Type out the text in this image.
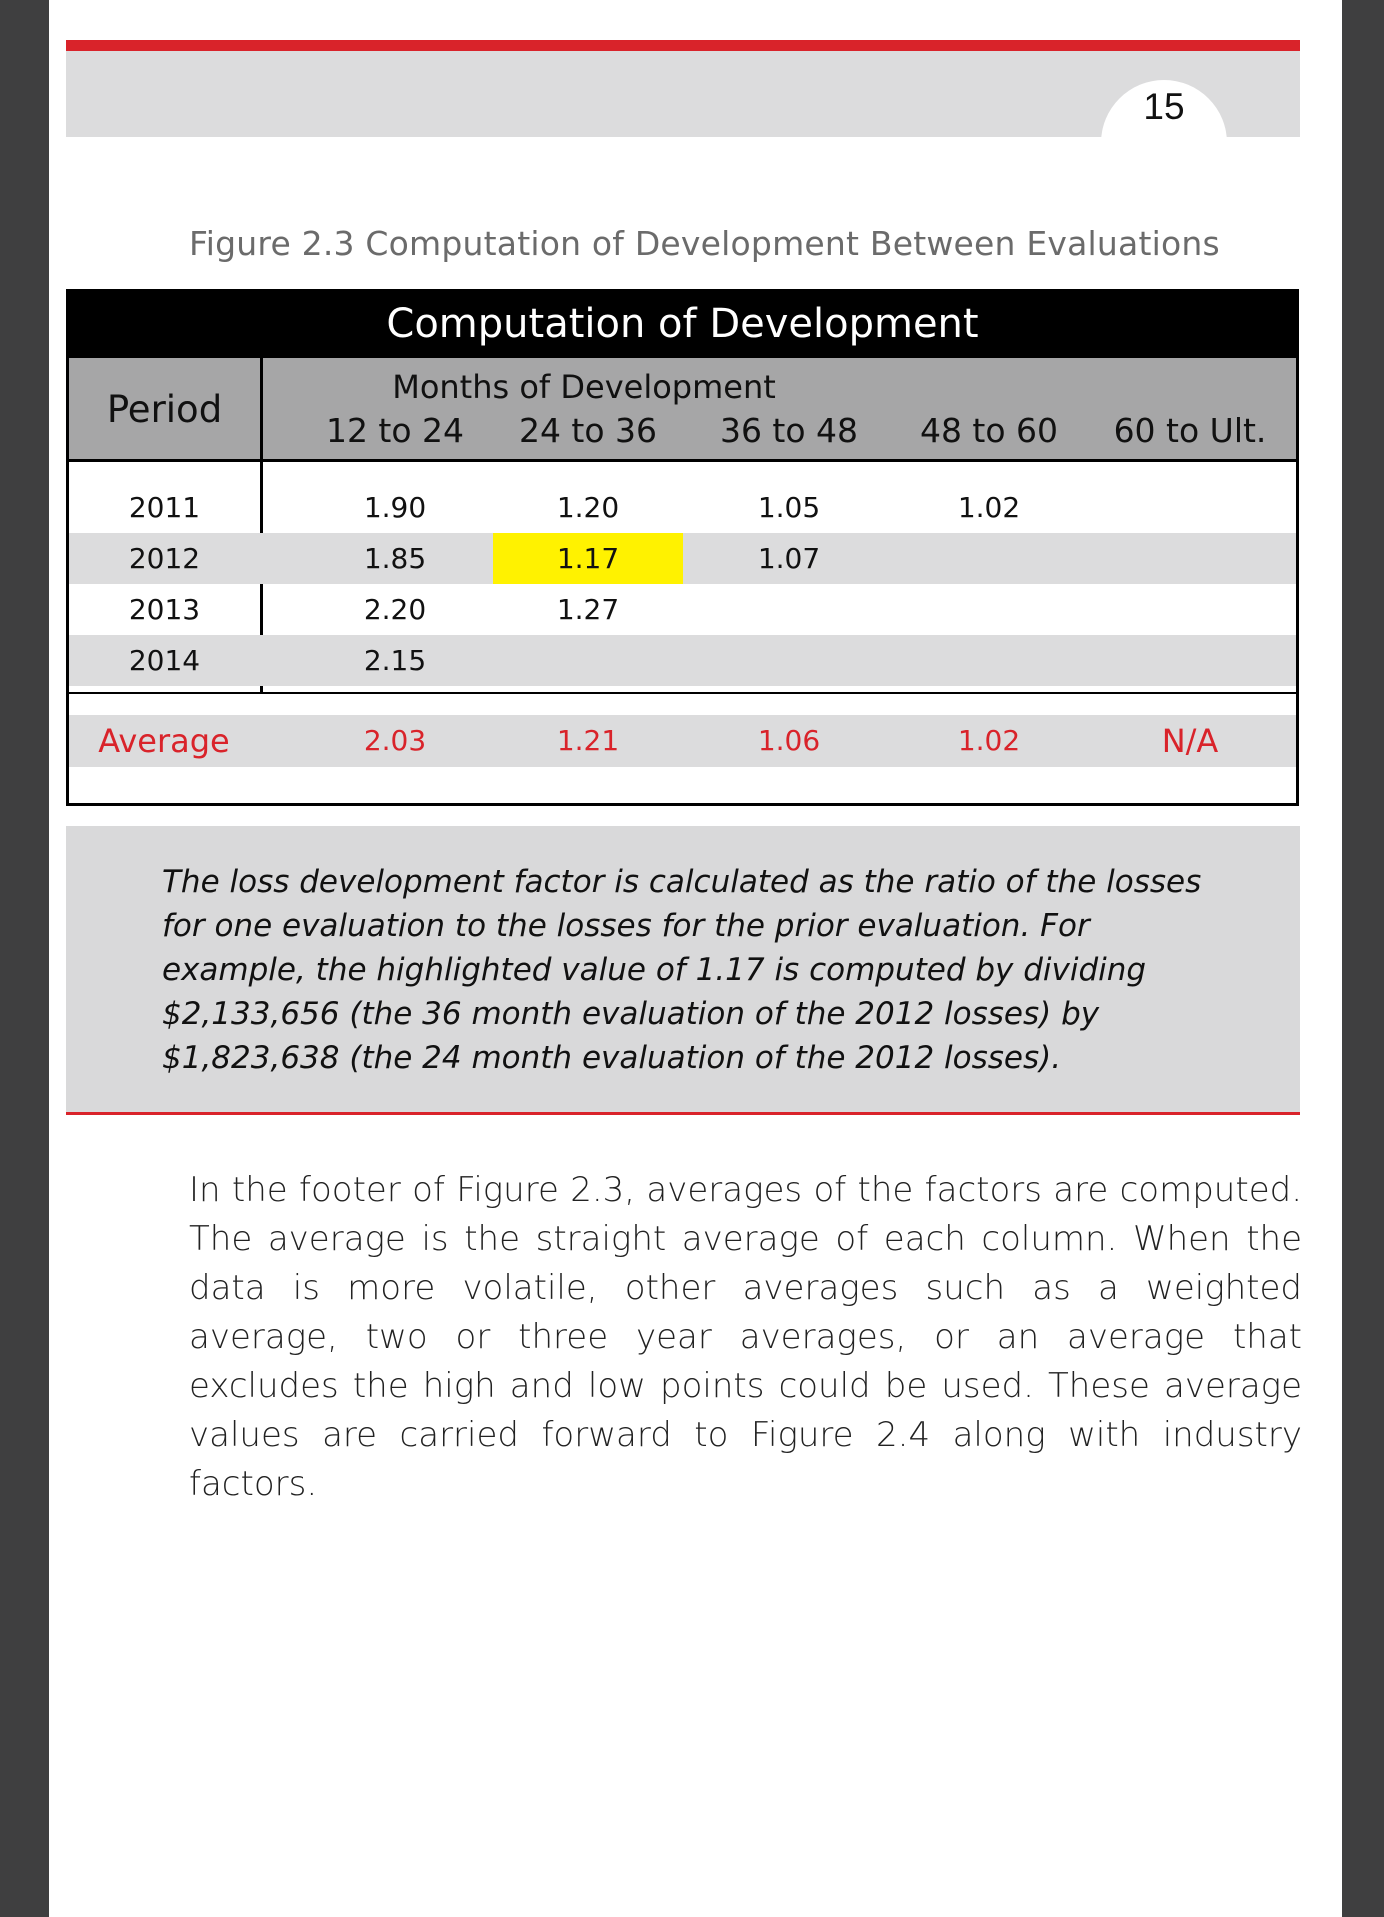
15
Figure 2.3 Computation of Development Between Evaluations
Computation of Development
Period
Months of Development
12 to 24	24 to 36	36 to 48	48 to 60	60 to Ult.
2011	1.90	1.20	1.05	1.02
2012	1.85	1.17	1.07
2013	2.20	1.27
2014	2.15
Average	2.03	1.21	1.06	1.02	N/A

The loss development factor is calculated as the ratio of the losses for one evaluation to the losses for the prior evaluation. For example, the highlighted value of 1.17 is computed by dividing $2,133,656 (the 36 month evaluation of the 2012 losses) by $1,823,638 (the 24 month evaluation of the 2012 losses).

In the footer of Figure 2.3, averages of the factors are computed. The average is the straight average of each column. When the data is more volatile, other averages such as a weighted average, two or three year averages, or an average that excludes the high and low points could be used. These average values are carried forward to Figure 2.4 along with industry factors.
